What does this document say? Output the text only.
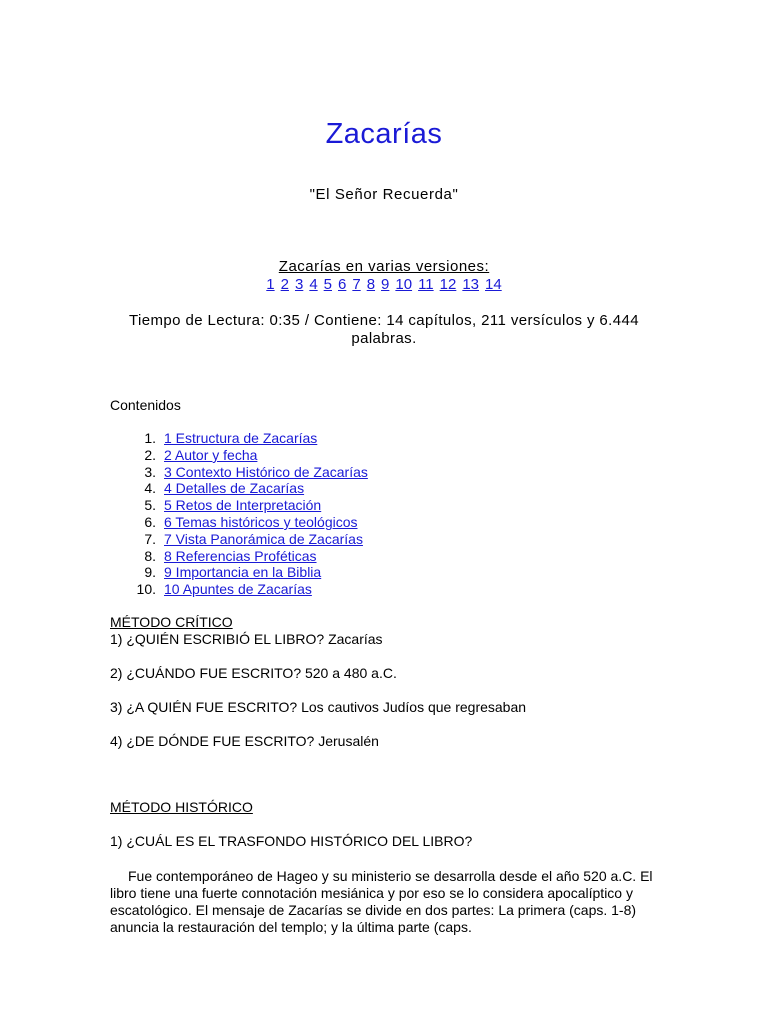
Zacarías
"El Señor Recuerda"
Zacarías en varias versiones:
1 2 3 4 5 6 7 8 9 10 11 12 13 14
Tiempo de Lectura: 0:35 / Contiene: 14 capítulos, 211 versículos y 6.444 palabras.
Contenidos
1. 1 Estructura de Zacarías
2. 2 Autor y fecha
3. 3 Contexto Histórico de Zacarías
4. 4 Detalles de Zacarías
5. 5 Retos de Interpretación
6. 6 Temas históricos y teológicos
7. 7 Vista Panorámica de Zacarías
8. 8 Referencias Proféticas
9. 9 Importancia en la Biblia
10. 10 Apuntes de Zacarías
MÉTODO CRÍTICO
1) ¿QUIÉN ESCRIBIÓ EL LIBRO? Zacarías
2) ¿CUÁNDO FUE ESCRITO? 520 a 480 a.C.
3) ¿A QUIÉN FUE ESCRITO? Los cautivos Judíos que regresaban
4) ¿DE DÓNDE FUE ESCRITO? Jerusalén
MÉTODO HISTÓRICO
1) ¿CUÁL ES EL TRASFONDO HISTÓRICO DEL LIBRO?
Fue contemporáneo de Hageo y su ministerio se desarrolla desde el año 520 a.C. El libro tiene una fuerte connotación mesiánica y por eso se lo considera apocalíptico y escatológico. El mensaje de Zacarías se divide en dos partes: La primera (caps. 1-8) anuncia la restauración del templo; y la última parte (caps.
